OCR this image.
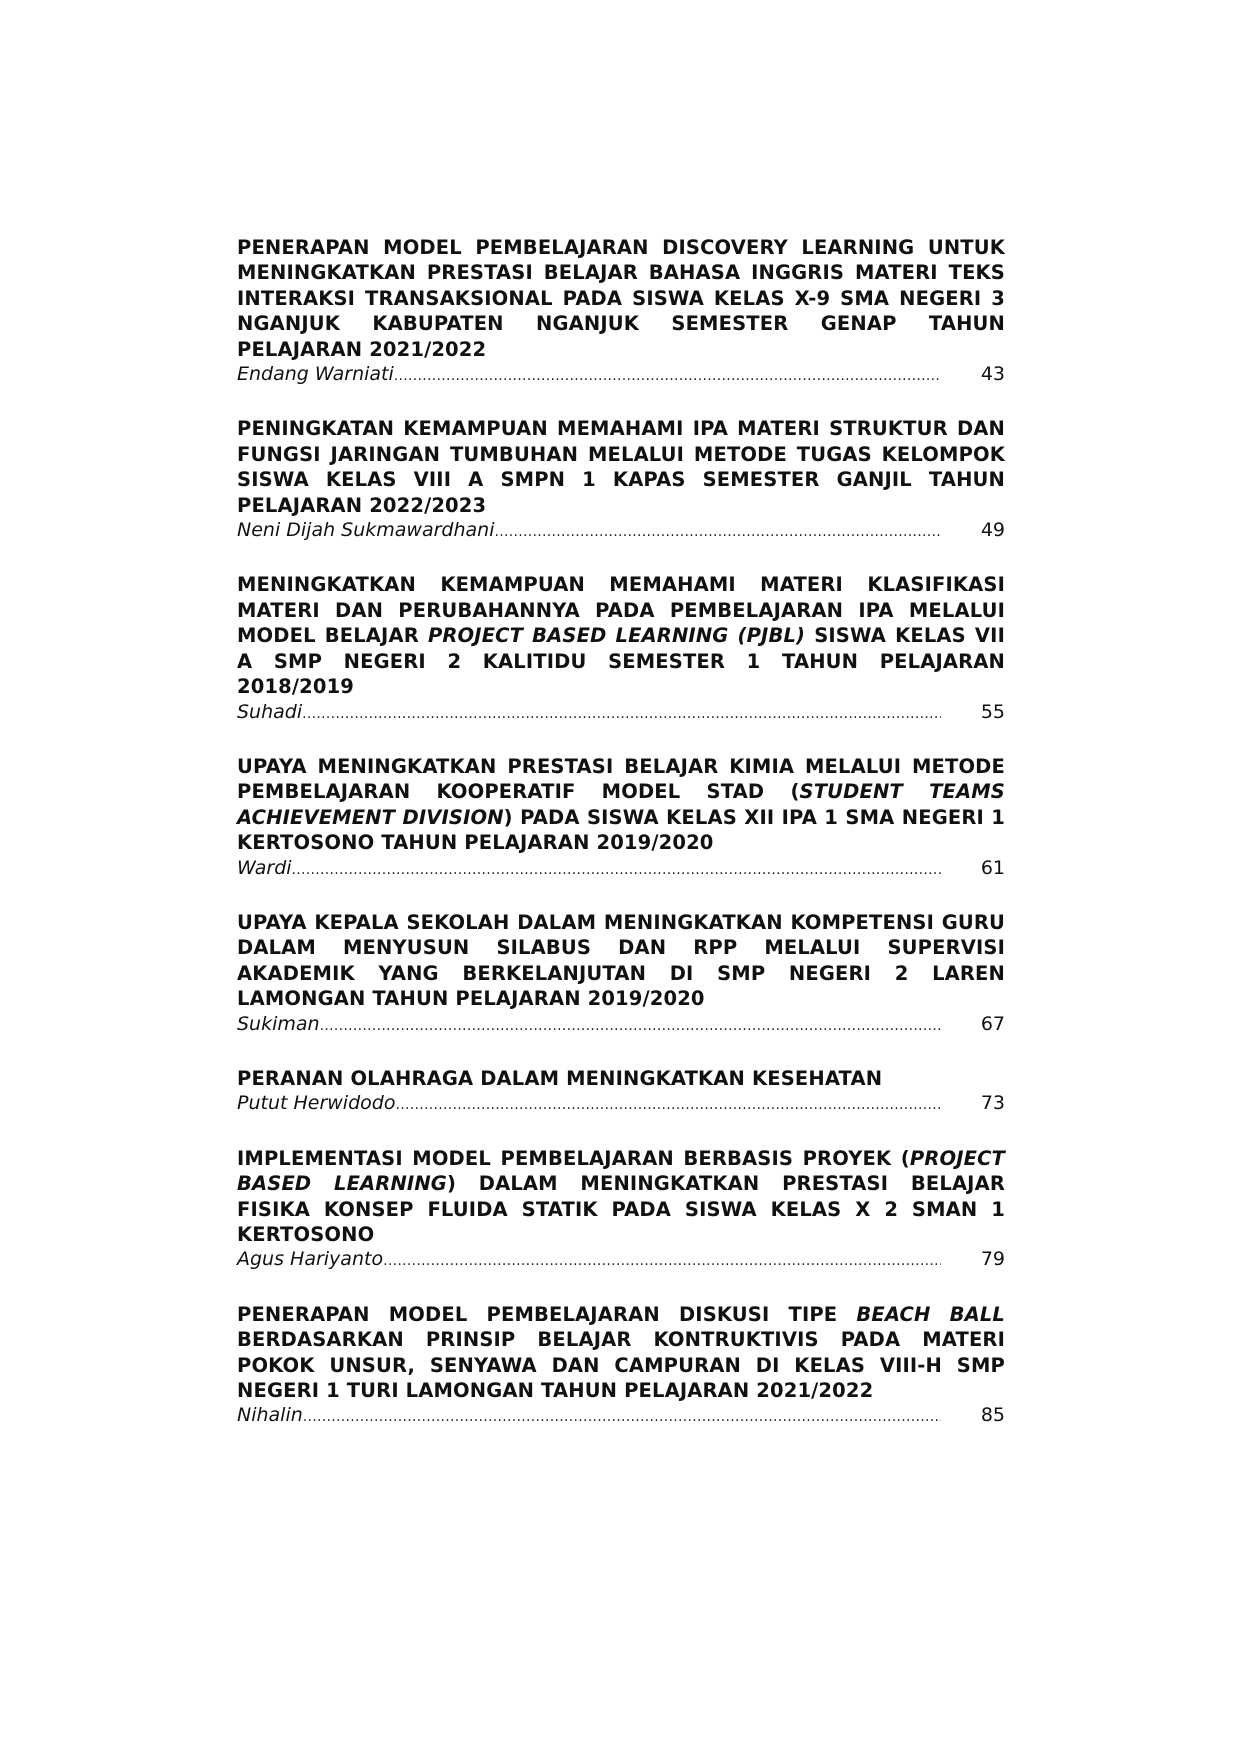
PENERAPAN MODEL PEMBELAJARAN DISCOVERY LEARNING UNTUK MENINGKATKAN PRESTASI BELAJAR BAHASA INGGRIS MATERI TEKS INTERAKSI TRANSAKSIONAL PADA SISWA KELAS X-9 SMA NEGERI 3 NGANJUK KABUPATEN NGANJUK SEMESTER GENAP TAHUN PELAJARAN 2021/2022

Endang Warniati .....	43

PENINGKATAN KEMAMPUAN MEMAHAMI IPA MATERI STRUKTUR DAN FUNGSI JARINGAN TUMBUHAN MELALUI METODE TUGAS KELOMPOK SISWA KELAS VIII A SMPN 1 KAPAS SEMESTER GANJIL TAHUN PELAJARAN 2022/2023

Neni Dijah Sukmawardhani .....	49

MENINGKATKAN KEMAMPUAN MEMAHAMI MATERI KLASIFIKASI MATERI DAN PERUBAHANNYA PADA PEMBELAJARAN IPA MELALUI MODEL BELAJAR PROJECT BASED LEARNING (PJBL) SISWA KELAS VII A SMP NEGERI 2 KALITIDU SEMESTER 1 TAHUN PELAJARAN 2018/2019

Suhadi .....	55

UPAYA MENINGKATKAN PRESTASI BELAJAR KIMIA MELALUI METODE PEMBELAJARAN KOOPERATIF MODEL STAD (STUDENT TEAMS ACHIEVEMENT DIVISION) PADA SISWA KELAS XII IPA 1 SMA NEGERI 1 KERTOSONO TAHUN PELAJARAN 2019/2020

Wardi .....	61

UPAYA KEPALA SEKOLAH DALAM MENINGKATKAN KOMPETENSI GURU DALAM MENYUSUN SILABUS DAN RPP MELALUI SUPERVISI AKADEMIK YANG BERKELANJUTAN DI SMP NEGERI 2 LAREN LAMONGAN TAHUN PELAJARAN 2019/2020

Sukiman .....	67

PERANAN OLAHRAGA DALAM MENINGKATKAN KESEHATAN

Putut Herwidodo .....	73

IMPLEMENTASI MODEL PEMBELAJARAN BERBASIS PROYEK (PROJECT BASED LEARNING) DALAM MENINGKATKAN PRESTASI BELAJAR FISIKA KONSEP FLUIDA STATIK PADA SISWA KELAS X 2 SMAN 1 KERTOSONO

Agus Hariyanto .....	79

PENERAPAN MODEL PEMBELAJARAN DISKUSI TIPE BEACH BALL BERDASARKAN PRINSIP BELAJAR KONTRUKTIVIS PADA MATERI POKOK UNSUR, SENYAWA DAN CAMPURAN DI KELAS VIII-H SMP NEGERI 1 TURI LAMONGAN TAHUN PELAJARAN 2021/2022

Nihalin .....	85
